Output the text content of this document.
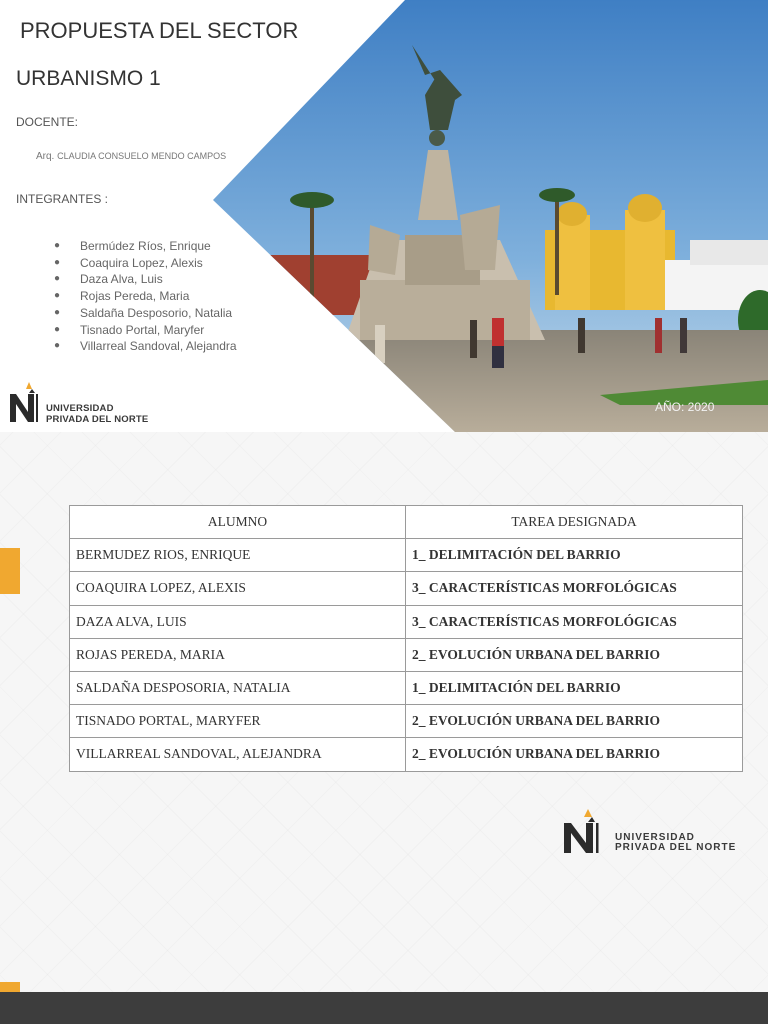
PROPUESTA DEL SECTOR
URBANISMO 1
DOCENTE:
Arq. CLAUDIA CONSUELO MENDO CAMPOS
INTEGRANTES :
● Bermúdez Ríos, Enrique
● Coaquira Lopez, Alexis
● Daza Alva, Luis
● Rojas Pereda, Maria
● Saldaña Desposorio, Natalia
● Tisnado Portal, Maryfer
● Villarreal Sandoval, Alejandra
UNIVERSIDAD
PRIVADA DEL NORTE
AÑO: 2020
ALUMNO	TAREA DESIGNADA
BERMUDEZ RIOS, ENRIQUE	1_ DELIMITACIÓN DEL BARRIO
COAQUIRA LOPEZ, ALEXIS	3_ CARACTERÍSTICAS MORFOLÓGICAS
DAZA ALVA, LUIS	3_ CARACTERÍSTICAS MORFOLÓGICAS
ROJAS PEREDA, MARIA	2_ EVOLUCIÓN URBANA DEL BARRIO
SALDAÑA DESPOSORIA, NATALIA	1_ DELIMITACIÓN DEL BARRIO
TISNADO PORTAL, MARYFER	2_ EVOLUCIÓN URBANA DEL BARRIO
VILLARREAL SANDOVAL, ALEJANDRA	2_ EVOLUCIÓN URBANA DEL BARRIO
UNIVERSIDAD
PRIVADA DEL NORTE
